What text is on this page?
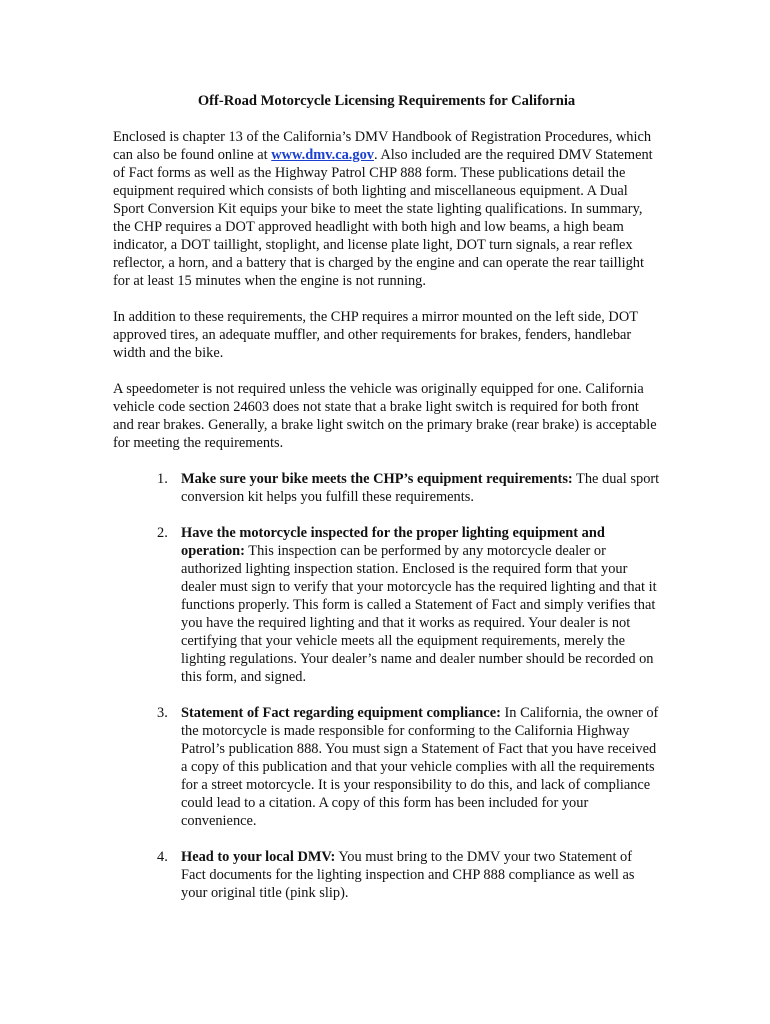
Off-Road Motorcycle Licensing Requirements for California

Enclosed is chapter 13 of the California’s DMV Handbook of Registration Procedures, which can also be found online at www.dmv.ca.gov. Also included are the required DMV Statement of Fact forms as well as the Highway Patrol CHP 888 form. These publications detail the equipment required which consists of both lighting and miscellaneous equipment. A Dual Sport Conversion Kit equips your bike to meet the state lighting qualifications. In summary, the CHP requires a DOT approved headlight with both high and low beams, a high beam indicator, a DOT taillight, stoplight, and license plate light, DOT turn signals, a rear reflex reflector, a horn, and a battery that is charged by the engine and can operate the rear taillight for at least 15 minutes when the engine is not running.

In addition to these requirements, the CHP requires a mirror mounted on the left side, DOT approved tires, an adequate muffler, and other requirements for brakes, fenders, handlebar width and the bike.

A speedometer is not required unless the vehicle was originally equipped for one. California vehicle code section 24603 does not state that a brake light switch is required for both front and rear brakes. Generally, a brake light switch on the primary brake (rear brake) is acceptable for meeting the requirements.

1. Make sure your bike meets the CHP’s equipment requirements: The dual sport conversion kit helps you fulfill these requirements.
2. Have the motorcycle inspected for the proper lighting equipment and operation: This inspection can be performed by any motorcycle dealer or authorized lighting inspection station. Enclosed is the required form that your dealer must sign to verify that your motorcycle has the required lighting and that it functions properly. This form is called a Statement of Fact and simply verifies that you have the required lighting and that it works as required. Your dealer is not certifying that your vehicle meets all the equipment requirements, merely the lighting regulations. Your dealer’s name and dealer number should be recorded on this form, and signed.
3. Statement of Fact regarding equipment compliance: In California, the owner of the motorcycle is made responsible for conforming to the California Highway Patrol’s publication 888. You must sign a Statement of Fact that you have received a copy of this publication and that your vehicle complies with all the requirements for a street motorcycle. It is your responsibility to do this, and lack of compliance could lead to a citation. A copy of this form has been included for your convenience.
4. Head to your local DMV: You must bring to the DMV your two Statement of Fact documents for the lighting inspection and CHP 888 compliance as well as your original title (pink slip).
